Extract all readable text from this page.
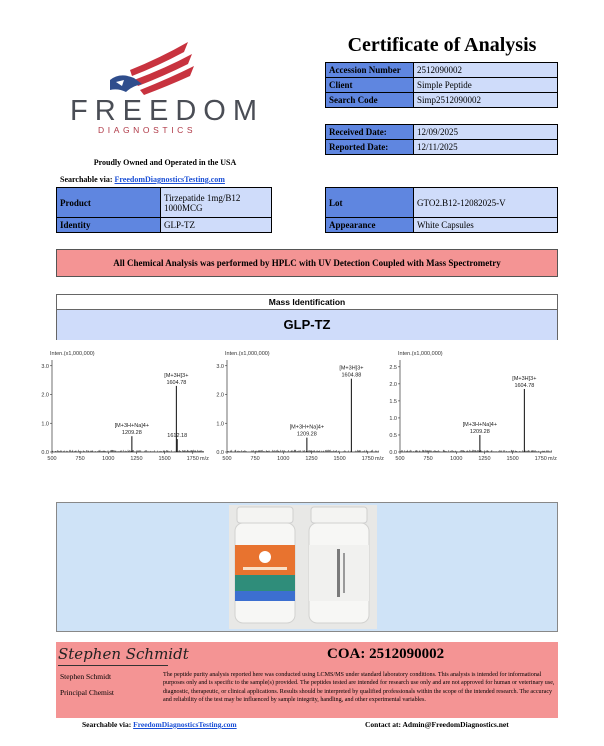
FREEDOM
DIAGNOSTICS
Proudly Owned and Operated in the USA
Searchable via: FreedomDiagnosticsTesting.com
Certificate of Analysis
Accession Number	2512090002
Client	Simple Peptide
Search Code	Simp2512090002
Received Date:	12/09/2025
Reported Date:	12/11/2025
Product	Tirzepatide 1mg/B12 1000MCG
Identity	GLP-TZ
Lot	GTO2.B12-12082025-V
Appearance	White Capsules
All Chemical Analysis was performed by HPLC with UV Detection Coupled with Mass Spectrometry
Mass Identification
GLP-TZ
Inten.(x1,000,000)
0.0
1.0
2.0
3.0
500	750	1000	1250	1500	1750 m/z
1209.28
[M+3H+Na]4+
1604.78
[M+3H]3+
1612.18
Inten.(x1,000,000)
0.0
1.0
2.0
3.0
500	750	1000	1250	1500	1750 m/z
1209.28
[M+3H+Na]4+
1604.88
[M+3H]3+
Inten.(x1,000,000)
0.0
0.5
1.0
1.5
2.0
2.5
500	750	1000	1250	1500	1750 m/z
1209.28
[M+3H+Na]4+
1604.78
[M+3H]3+
Stephen Schmidt	COA: 2512090002
Stephen Schmidt
Principal Chemist
The peptide purity analysis reported here was conducted using LCMS/MS under standard laboratory conditions. This analysis is intended for informational purposes only and is specific to the sample(s) provided. The peptides tested are intended for research use only and are not approved for human or veterinary use, diagnostic, therapeutic, or clinical applications. Results should be interpreted by qualified professionals within the scope of the intended research. The accuracy and reliability of the test may be influenced by sample integrity, handling, and other experimental variables.
Searchable via: FreedomDiagnosticsTesting.com	Contact at: Admin@FreedomDiagnostics.net
